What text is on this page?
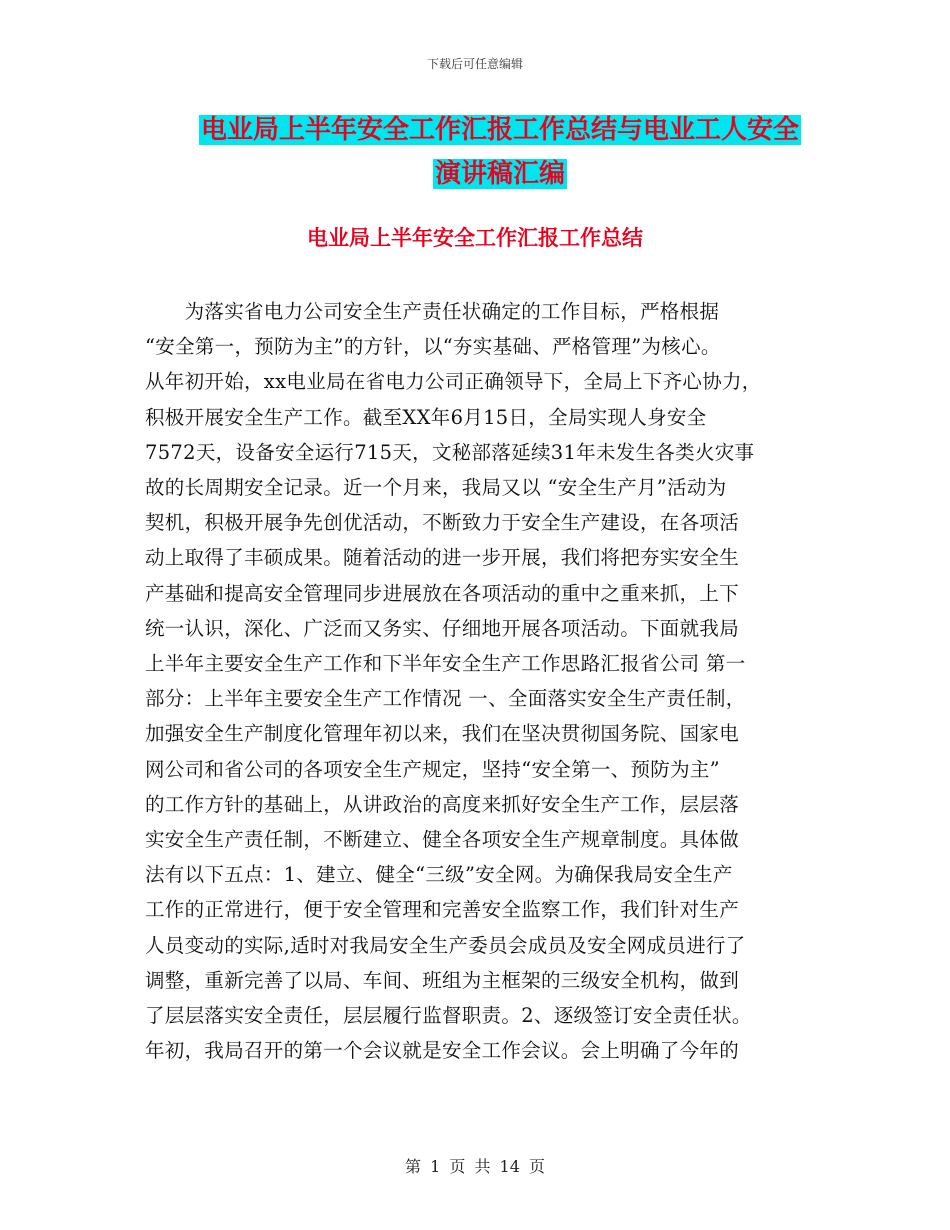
下载后可任意编辑
电业局上半年安全工作汇报工作总结与电业工人安全
演讲稿汇编
电业局上半年安全工作汇报工作总结
　　为落实省电力公司安全生产责任状确定的工作目标，严格根据
“安全第一，预防为主”的方针，以“夯实基础、严格管理”为核心。
从年初开始，xx电业局在省电力公司正确领导下，全局上下齐心协力，
积极开展安全生产工作。截至XX年6月15日，全局实现人身安全
7572天，设备安全运行715天，文秘部落延续31年未发生各类火灾事
故的长周期安全记录。近一个月来，我局又以 “安全生产月”活动为
契机，积极开展争先创优活动，不断致力于安全生产建设，在各项活
动上取得了丰硕成果。随着活动的进一步开展，我们将把夯实安全生
产基础和提高安全管理同步进展放在各项活动的重中之重来抓，上下
统一认识，深化、广泛而又务实、仔细地开展各项活动。下面就我局
上半年主要安全生产工作和下半年安全生产工作思路汇报省公司 第一
部分：上半年主要安全生产工作情况 一、全面落实安全生产责任制，
加强安全生产制度化管理年初以来，我们在坚决贯彻国务院、国家电
网公司和省公司的各项安全生产规定，坚持“安全第一、预防为主”
的工作方针的基础上，从讲政治的高度来抓好安全生产工作，层层落
实安全生产责任制，不断建立、健全各项安全生产规章制度。具体做
法有以下五点：1、建立、健全“三级”安全网。为确保我局安全生产
工作的正常进行，便于安全管理和完善安全监察工作，我们针对生产
人员变动的实际,适时对我局安全生产委员会成员及安全网成员进行了
调整，重新完善了以局、车间、班组为主框架的三级安全机构，做到
了层层落实安全责任，层层履行监督职责。2、逐级签订安全责任状。
年初，我局召开的第一个会议就是安全工作会议。会上明确了今年的
第 1 页 共 14 页
